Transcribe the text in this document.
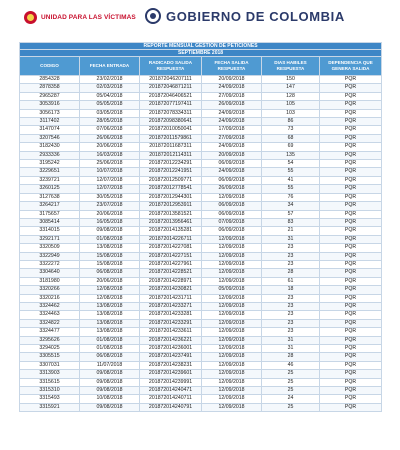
UNIDAD PARA LAS VÍCTIMAS GOBIERNO DE COLOMBIA
REPORTE MENSUAL GESTION DE PETICIONES					
SEPTIEMBRE 2018					
CODIGO	FECHA ENTRADA	RADICADO SALIDA RESPUESTA	FECHA SALIDA RESPUESTA	DIAS HABILES RESPUESTA	DEPENDENCIA QUE GENERA SALIDA
2854328	23/02/2018	201872046207111	20/09/2018	150	PQR
2878358	02/03/2018	201872046871211	24/09/2018	147	PQR
2965287	05/04/2018	201872046406521	27/09/2018	128	PQR
3053916	05/05/2018	201872077197411	26/09/2018	105	PQR
3056173	03/05/2018	201872078334311	24/09/2018	103	PQR
3117402	28/05/2018	201872098380641	24/09/2018	86	PQR
3147074	07/06/2018	201872010050041	17/09/2018	73	PQR
3207546	26/06/2018	201872011579861	27/09/2018	68	PQR
3182430	20/06/2018	201872011687311	24/09/2018	69	PQR
2933336	16/03/2018	201872012114311	20/09/2018	135	PQR
3195242	25/06/2018	201872012234291	06/09/2018	54	PQR
3229651	10/07/2018	201872012241951	24/09/2018	55	PQR
3239721	12/07/2018	201872012509771	06/09/2018	41	PQR
3260125	12/07/2018	201872012778541	26/09/2018	55	PQR
3127638	30/05/2018	201872012944301	12/09/2018	76	PQR
3264217	23/07/2018	201872012953911	06/09/2018	34	PQR
3175657	20/06/2018	201872013581521	06/09/2018	57	PQR
3085414	16/05/2018	201872013956461	07/09/2018	83	PQR
3314015	09/08/2018	201872014135281	06/09/2018	21	PQR
3292171	01/08/2018	201872014226711	12/09/2018	31	PQR
3320509	13/08/2018	201872014227081	12/09/2018	23	PQR
3322949	15/08/2018	201872014227151	12/09/2018	23	PQR
3322272	15/08/2018	201872014227961	12/09/2018	23	PQR
3304640	06/08/2018	201872014228521	12/09/2018	28	PQR
3181980	20/06/2018	201872014228971	12/09/2018	61	PQR
3320266	12/08/2018	201872014230821	05/09/2018	18	PQR
3320216	12/08/2018	201872014231711	12/09/2018	23	PQR
3324462	13/08/2018	201872014233271	12/09/2018	23	PQR
3324463	13/08/2018	201872014233281	12/09/2018	23	PQR
3324822	13/08/2018	201872014233291	12/09/2018	23	PQR
3324477	13/08/2018	201872014233611	12/09/2018	23	PQR
3295626	01/08/2018	201872014236221	12/09/2018	31	PQR
3294025	01/08/2018	201872014236001	12/09/2018	31	PQR
3305515	06/08/2018	201872014237491	12/09/2018	28	PQR
3307031	11/07/2018	201872014238231	12/09/2018	46	PQR
3313903	09/08/2018	201872014239601	12/09/2018	25	PQR
3315615	09/08/2018	201872014239991	12/09/2018	25	PQR
3315310	09/08/2018	201872014240471	12/09/2018	25	PQR
3315493	10/08/2018	201872014240711	12/09/2018	24	PQR
3315921	09/08/2018	201872014240791	12/09/2018	25	PQR
